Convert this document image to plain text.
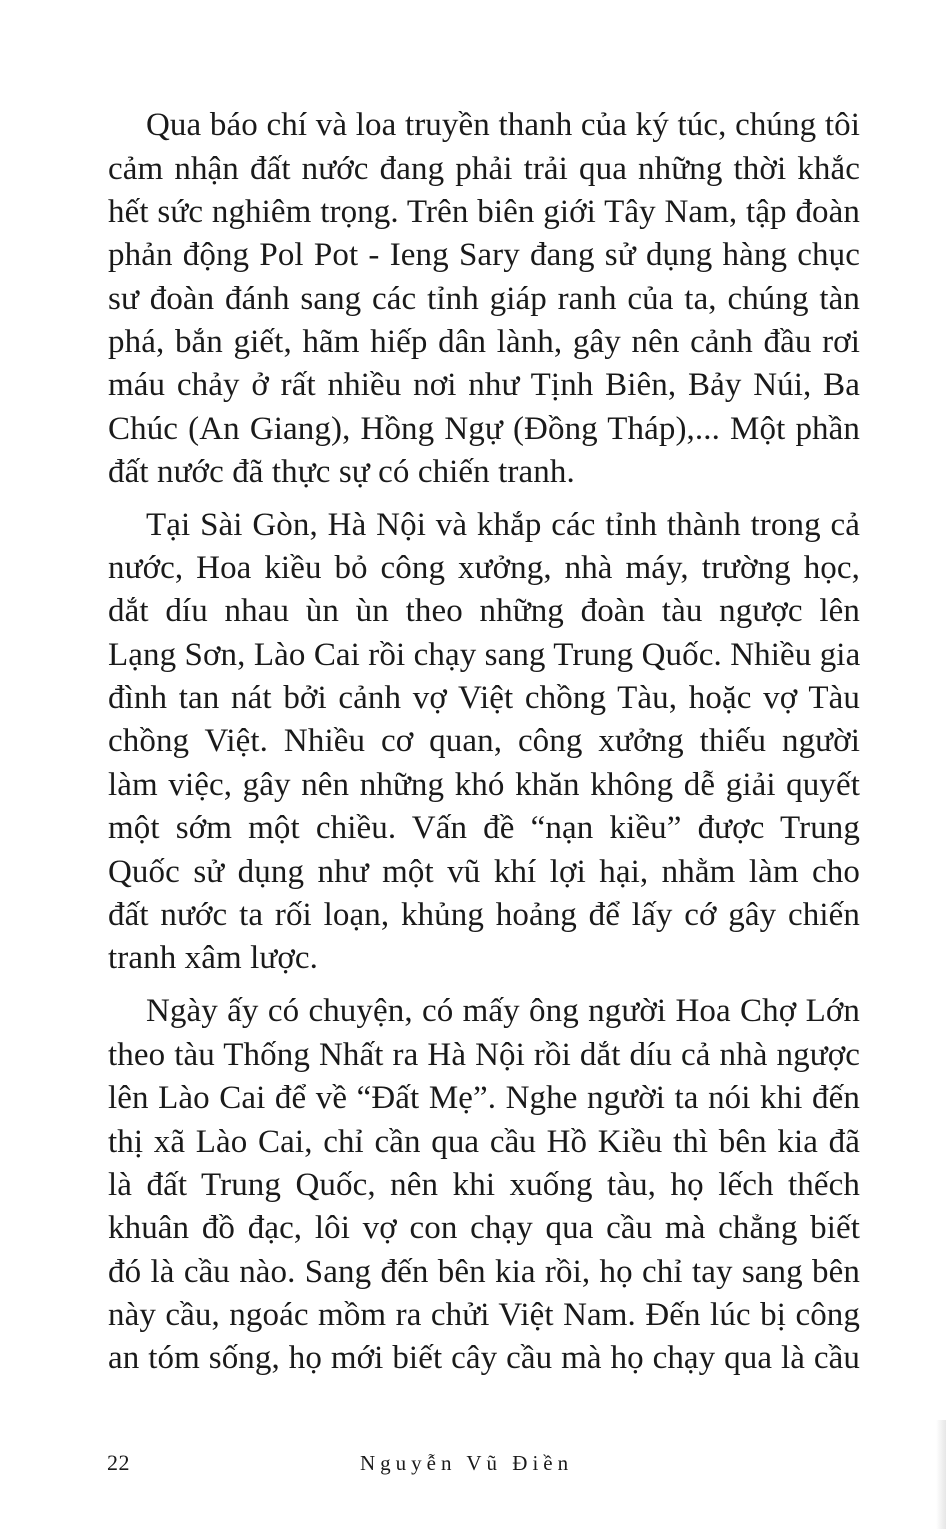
Qua báo chí và loa truyền thanh của ký túc, chúng tôi
cảm nhận đất nước đang phải trải qua những thời khắc
hết sức nghiêm trọng. Trên biên giới Tây Nam, tập đoàn
phản động Pol Pot - Ieng Sary đang sử dụng hàng chục
sư đoàn đánh sang các tỉnh giáp ranh của ta, chúng tàn
phá, bắn giết, hãm hiếp dân lành, gây nên cảnh đầu rơi
máu chảy ở rất nhiều nơi như Tịnh Biên, Bảy Núi, Ba
Chúc (An Giang), Hồng Ngự (Đồng Tháp),... Một phần
đất nước đã thực sự có chiến tranh.
Tại Sài Gòn, Hà Nội và khắp các tỉnh thành trong cả
nước, Hoa kiều bỏ công xưởng, nhà máy, trường học,
dắt díu nhau ùn ùn theo những đoàn tàu ngược lên
Lạng Sơn, Lào Cai rồi chạy sang Trung Quốc. Nhiều gia
đình tan nát bởi cảnh vợ Việt chồng Tàu, hoặc vợ Tàu
chồng Việt. Nhiều cơ quan, công xưởng thiếu người
làm việc, gây nên những khó khăn không dễ giải quyết
một sớm một chiều. Vấn đề “nạn kiều” được Trung
Quốc sử dụng như một vũ khí lợi hại, nhằm làm cho
đất nước ta rối loạn, khủng hoảng để lấy cớ gây chiến
tranh xâm lược.
Ngày ấy có chuyện, có mấy ông người Hoa Chợ Lớn
theo tàu Thống Nhất ra Hà Nội rồi dắt díu cả nhà ngược
lên Lào Cai để về “Đất Mẹ”. Nghe người ta nói khi đến
thị xã Lào Cai, chỉ cần qua cầu Hồ Kiều thì bên kia đã
là đất Trung Quốc, nên khi xuống tàu, họ lếch thếch
khuân đồ đạc, lôi vợ con chạy qua cầu mà chẳng biết
đó là cầu nào. Sang đến bên kia rồi, họ chỉ tay sang bên
này cầu, ngoác mồm ra chửi Việt Nam. Đến lúc bị công
an tóm sống, họ mới biết cây cầu mà họ chạy qua là cầu
22	Nguyễn Vũ Điền
